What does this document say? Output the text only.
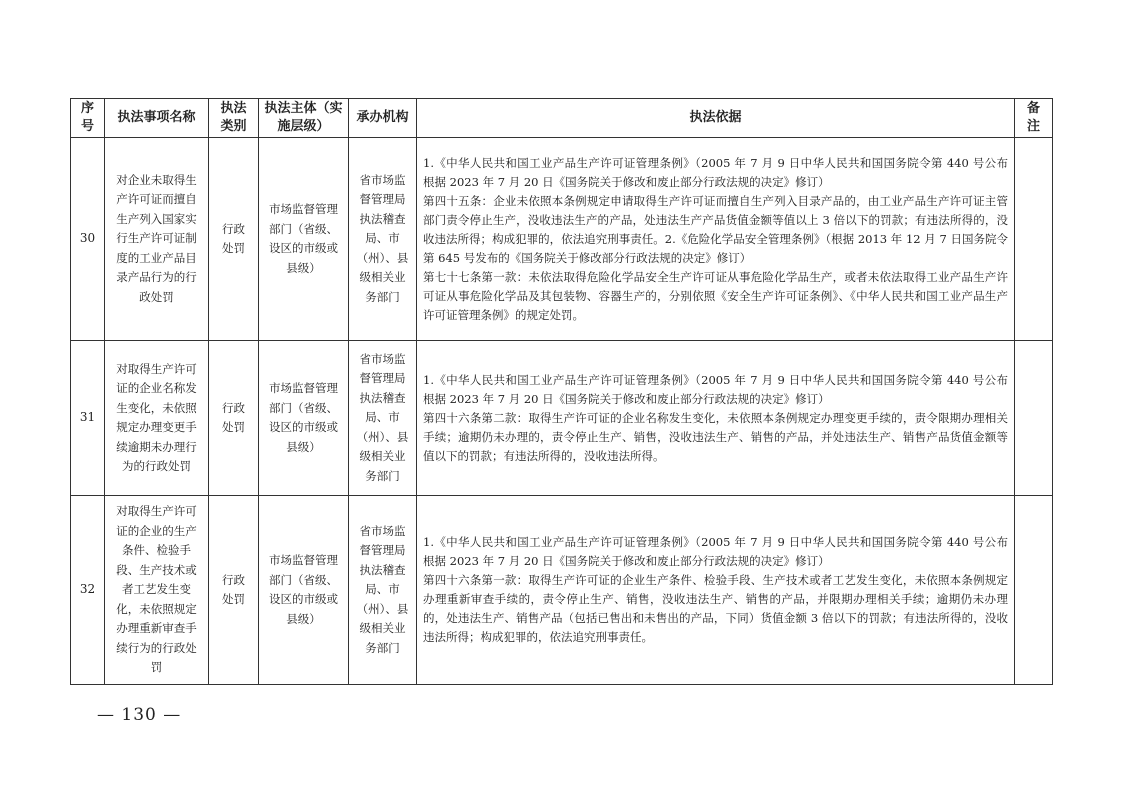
序号	执法事项名称	执法类别	执法主体（实施层级）	承办机构	执法依据	备注
30	对企业未取得生产许可证而擅自生产列入国家实行生产许可证制度的工业产品目录产品行为的行政处罚	行政处罚	市场监督管理部门（省级、设区的市级或县级）	省市场监督管理局执法稽查局、市（州）、县级相关业务部门	1.《中华人民共和国工业产品生产许可证管理条例》（2005 年 7 月 9 日中华人民共和国国务院令第 440 号公布　根据 2023 年 7 月 20 日《国务院关于修改和废止部分行政法规的决定》修订）

第四十五条：企业未依照本条例规定申请取得生产许可证而擅自生产列入目录产品的，由工业产品生产许可证主管部门责令停止生产，没收违法生产的产品，处违法生产产品货值金额等值以上 3 倍以下的罚款；有违法所得的，没收违法所得；构成犯罪的，依法追究刑事责任。2.《危险化学品安全管理条例》（根据 2013 年 12 月 7 日国务院令第 645 号发布的《国务院关于修改部分行政法规的决定》修订）

第七十七条第一款：未依法取得危险化学品安全生产许可证从事危险化学品生产，或者未依法取得工业产品生产许可证从事危险化学品及其包装物、容器生产的，分别依照《安全生产许可证条例》、《中华人民共和国工业产品生产许可证管理条例》的规定处罚。	

31	对取得生产许可证的企业名称发生变化，未依照规定办理变更手续逾期未办理行为的行政处罚	行政处罚	市场监督管理部门（省级、设区的市级或县级）	省市场监督管理局执法稽查局、市（州）、县级相关业务部门	1.《中华人民共和国工业产品生产许可证管理条例》（2005 年 7 月 9 日中华人民共和国国务院令第 440 号公布　根据 2023 年 7 月 20 日《国务院关于修改和废止部分行政法规的决定》修订）

第四十六条第二款：取得生产许可证的企业名称发生变化，未依照本条例规定办理变更手续的，责令限期办理相关手续；逾期仍未办理的，责令停止生产、销售，没收违法生产、销售的产品，并处违法生产、销售产品货值金额等值以下的罚款；有违法所得的，没收违法所得。	

32	对取得生产许可证的企业的生产条件、检验手段、生产技术或者工艺发生变化，未依照规定办理重新审查手续行为的行政处罚	行政处罚	市场监督管理部门（省级、设区的市级或县级）	省市场监督管理局执法稽查局、市（州）、县级相关业务部门	1.《中华人民共和国工业产品生产许可证管理条例》（2005 年 7 月 9 日中华人民共和国国务院令第 440 号公布　根据 2023 年 7 月 20 日《国务院关于修改和废止部分行政法规的决定》修订）

第四十六条第一款：取得生产许可证的企业生产条件、检验手段、生产技术或者工艺发生变化，未依照本条例规定办理重新审查手续的，责令停止生产、销售，没收违法生产、销售的产品，并限期办理相关手续；逾期仍未办理的，处违法生产、销售产品（包括已售出和未售出的产品，下同）货值金额 3 倍以下的罚款；有违法所得的，没收违法所得；构成犯罪的，依法追究刑事责任。	

— 130 —
